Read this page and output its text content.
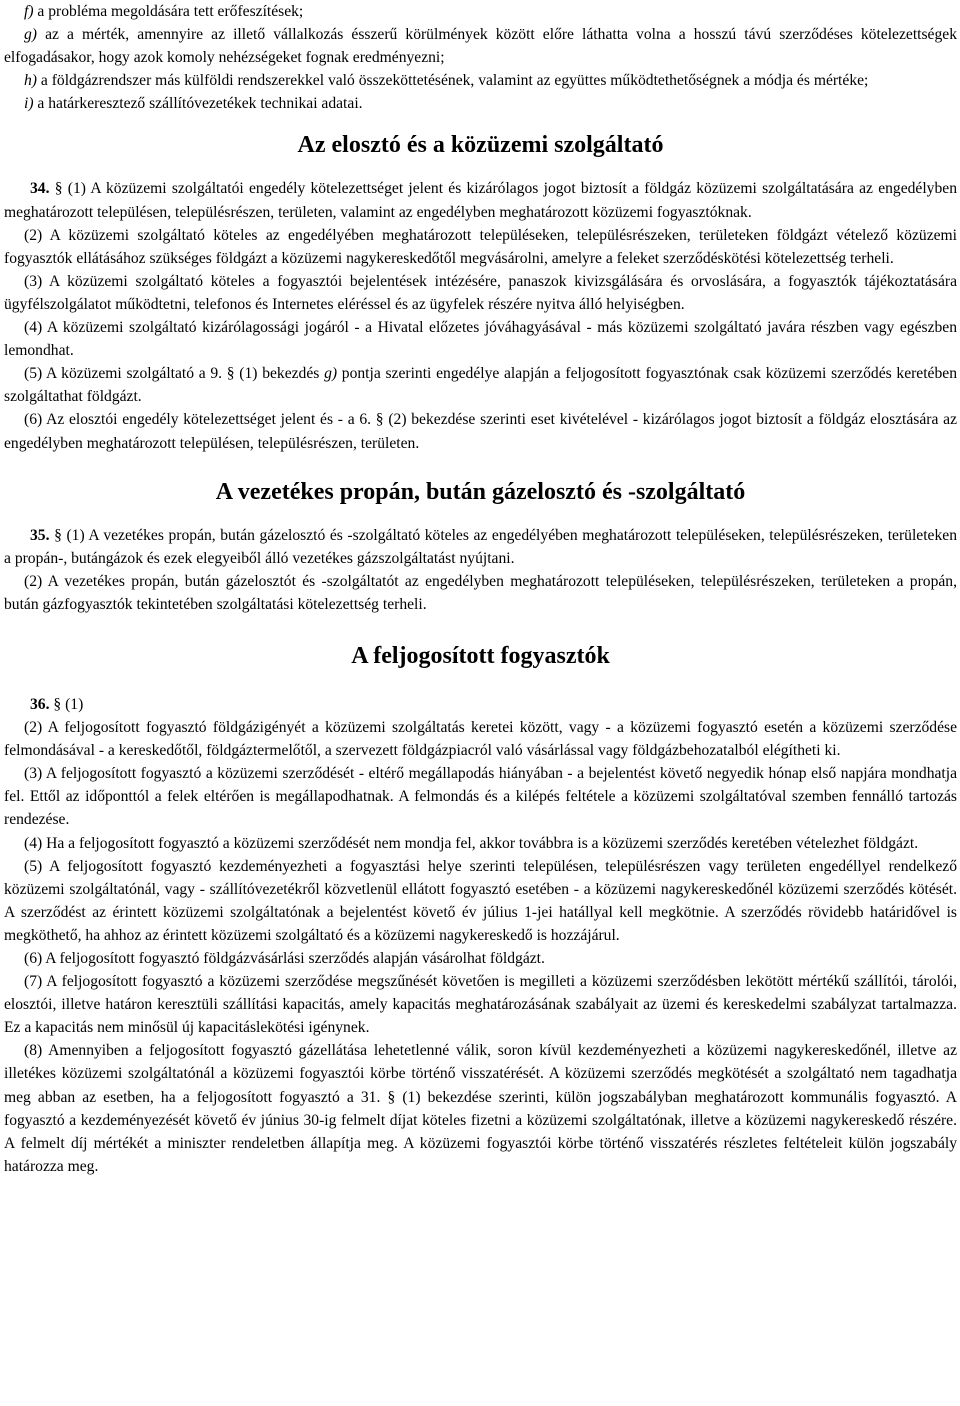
f) a probléma megoldására tett erőfeszítések;

g) az a mérték, amennyire az illető vállalkozás ésszerű körülmények között előre láthatta volna a hosszú távú szerződéses kötelezettségek elfogadásakor, hogy azok komoly nehézségeket fognak eredményezni;

h) a földgázrendszer más külföldi rendszerekkel való összeköttetésének, valamint az együttes működtethetőségnek a módja és mértéke;

i) a határkeresztező szállítóvezetékek technikai adatai.

Az elosztó és a közüzemi szolgáltató

34. § (1) A közüzemi szolgáltatói engedély kötelezettséget jelent és kizárólagos jogot biztosít a földgáz közüzemi szolgáltatására az engedélyben meghatározott településen, településrészen, területen, valamint az engedélyben meghatározott közüzemi fogyasztóknak.

(2) A közüzemi szolgáltató köteles az engedélyében meghatározott településeken, településrészeken, területeken földgázt vételező közüzemi fogyasztók ellátásához szükséges földgázt a közüzemi nagykereskedőtől megvásárolni, amelyre a feleket szerződéskötési kötelezettség terheli.

(3) A közüzemi szolgáltató köteles a fogyasztói bejelentések intézésére, panaszok kivizsgálására és orvoslására, a fogyasztók tájékoztatására ügyfélszolgálatot működtetni, telefonos és Internetes eléréssel és az ügyfelek részére nyitva álló helyiségben.

(4) A közüzemi szolgáltató kizárólagossági jogáról - a Hivatal előzetes jóváhagyásával - más közüzemi szolgáltató javára részben vagy egészben lemondhat.

(5) A közüzemi szolgáltató a 9. § (1) bekezdés g) pontja szerinti engedélye alapján a feljogosított fogyasztónak csak közüzemi szerződés keretében szolgáltathat földgázt.

(6) Az elosztói engedély kötelezettséget jelent és - a 6. § (2) bekezdése szerinti eset kivételével - kizárólagos jogot biztosít a földgáz elosztására az engedélyben meghatározott településen, településrészen, területen.

A vezetékes propán, bután gázelosztó és -szolgáltató

35. § (1) A vezetékes propán, bután gázelosztó és -szolgáltató köteles az engedélyében meghatározott településeken, településrészeken, területeken a propán-, butángázok és ezek elegyeiből álló vezetékes gázszolgáltatást nyújtani.

(2) A vezetékes propán, bután gázelosztót és -szolgáltatót az engedélyben meghatározott településeken, településrészeken, területeken a propán, bután gázfogyasztók tekintetében szolgáltatási kötelezettség terheli.

A feljogosított fogyasztók

36. § (1)

(2) A feljogosított fogyasztó földgázigényét a közüzemi szolgáltatás keretei között, vagy - a közüzemi fogyasztó esetén a közüzemi szerződése felmondásával - a kereskedőtől, földgáztermelőtől, a szervezett földgázpiacról való vásárlással vagy földgázbehozatalból elégítheti ki.

(3) A feljogosított fogyasztó a közüzemi szerződését - eltérő megállapodás hiányában - a bejelentést követő negyedik hónap első napjára mondhatja fel. Ettől az időponttól a felek eltérően is megállapodhatnak. A felmondás és a kilépés feltétele a közüzemi szolgáltatóval szemben fennálló tartozás rendezése.

(4) Ha a feljogosított fogyasztó a közüzemi szerződését nem mondja fel, akkor továbbra is a közüzemi szerződés keretében vételezhet földgázt.

(5) A feljogosított fogyasztó kezdeményezheti a fogyasztási helye szerinti településen, településrészen vagy területen engedéllyel rendelkező közüzemi szolgáltatónál, vagy - szállítóvezetékről közvetlenül ellátott fogyasztó esetében - a közüzemi nagykereskedőnél közüzemi szerződés kötését. A szerződést az érintett közüzemi szolgáltatónak a bejelentést követő év július 1-jei hatállyal kell megkötnie. A szerződés rövidebb határidővel is megköthető, ha ahhoz az érintett közüzemi szolgáltató és a közüzemi nagykereskedő is hozzájárul.

(6) A feljogosított fogyasztó földgázvásárlási szerződés alapján vásárolhat földgázt.

(7) A feljogosított fogyasztó a közüzemi szerződése megszűnését követően is megilleti a közüzemi szerződésben lekötött mértékű szállítói, tárolói, elosztói, illetve határon keresztüli szállítási kapacitás, amely kapacitás meghatározásának szabályait az üzemi és kereskedelmi szabályzat tartalmazza. Ez a kapacitás nem minősül új kapacitáslekötési igénynek.

(8) Amennyiben a feljogosított fogyasztó gázellátása lehetetlenné válik, soron kívül kezdeményezheti a közüzemi nagykereskedőnél, illetve az illetékes közüzemi szolgáltatónál a közüzemi fogyasztói körbe történő visszatérését. A közüzemi szerződés megkötését a szolgáltató nem tagadhatja meg abban az esetben, ha a feljogosított fogyasztó a 31. § (1) bekezdése szerinti, külön jogszabályban meghatározott kommunális fogyasztó. A fogyasztó a kezdeményezését követő év június 30-ig felmelt díjat köteles fizetni a közüzemi szolgáltatónak, illetve a közüzemi nagykereskedő részére. A felmelt díj mértékét a miniszter rendeletben állapítja meg. A közüzemi fogyasztói körbe történő visszatérés részletes feltételeit külön jogszabály határozza meg.
